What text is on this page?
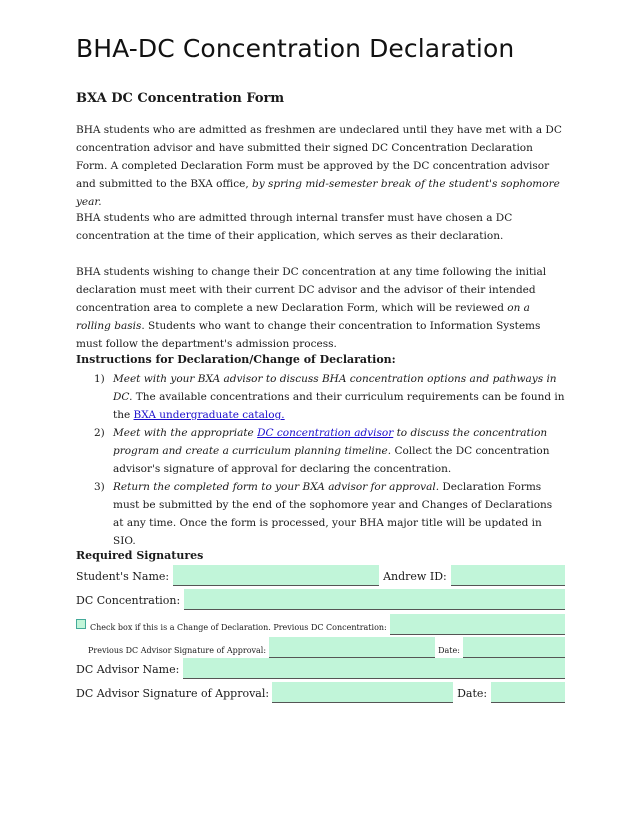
BHA-DC Concentration Declaration
BXA DC Concentration Form
BHA students who are admitted as freshmen are undeclared until they have met with a DC concentration advisor and have submitted their signed DC Concentration Declaration Form. A completed Declaration Form must be approved by the DC concentration advisor and submitted to the BXA office, by spring mid-semester break of the student's sophomore year.
BHA students who are admitted through internal transfer must have chosen a DC concentration at the time of their application, which serves as their declaration.
BHA students wishing to change their DC concentration at any time following the initial declaration must meet with their current DC advisor and the advisor of their intended concentration area to complete a new Declaration Form, which will be reviewed on a rolling basis. Students who want to change their concentration to Information Systems must follow the department's admission process.
Instructions for Declaration/Change of Declaration:
1) Meet with your BXA advisor to discuss BHA concentration options and pathways in DC. The available concentrations and their curriculum requirements can be found in the BXA undergraduate catalog.
2) Meet with the appropriate DC concentration advisor to discuss the concentration program and create a curriculum planning timeline. Collect the DC concentration advisor's signature of approval for declaring the concentration.
3) Return the completed form to your BXA advisor for approval. Declaration Forms must be submitted by the end of the sophomore year and Changes of Declarations at any time. Once the form is processed, your BHA major title will be updated in SIO.
Required Signatures
Student's Name:	Andrew ID:
DC Concentration:
Check box if this is a Change of Declaration. Previous DC Concentration:
Previous DC Advisor Signature of Approval:	Date:
DC Advisor Name:
DC Advisor Signature of Approval:	Date:
